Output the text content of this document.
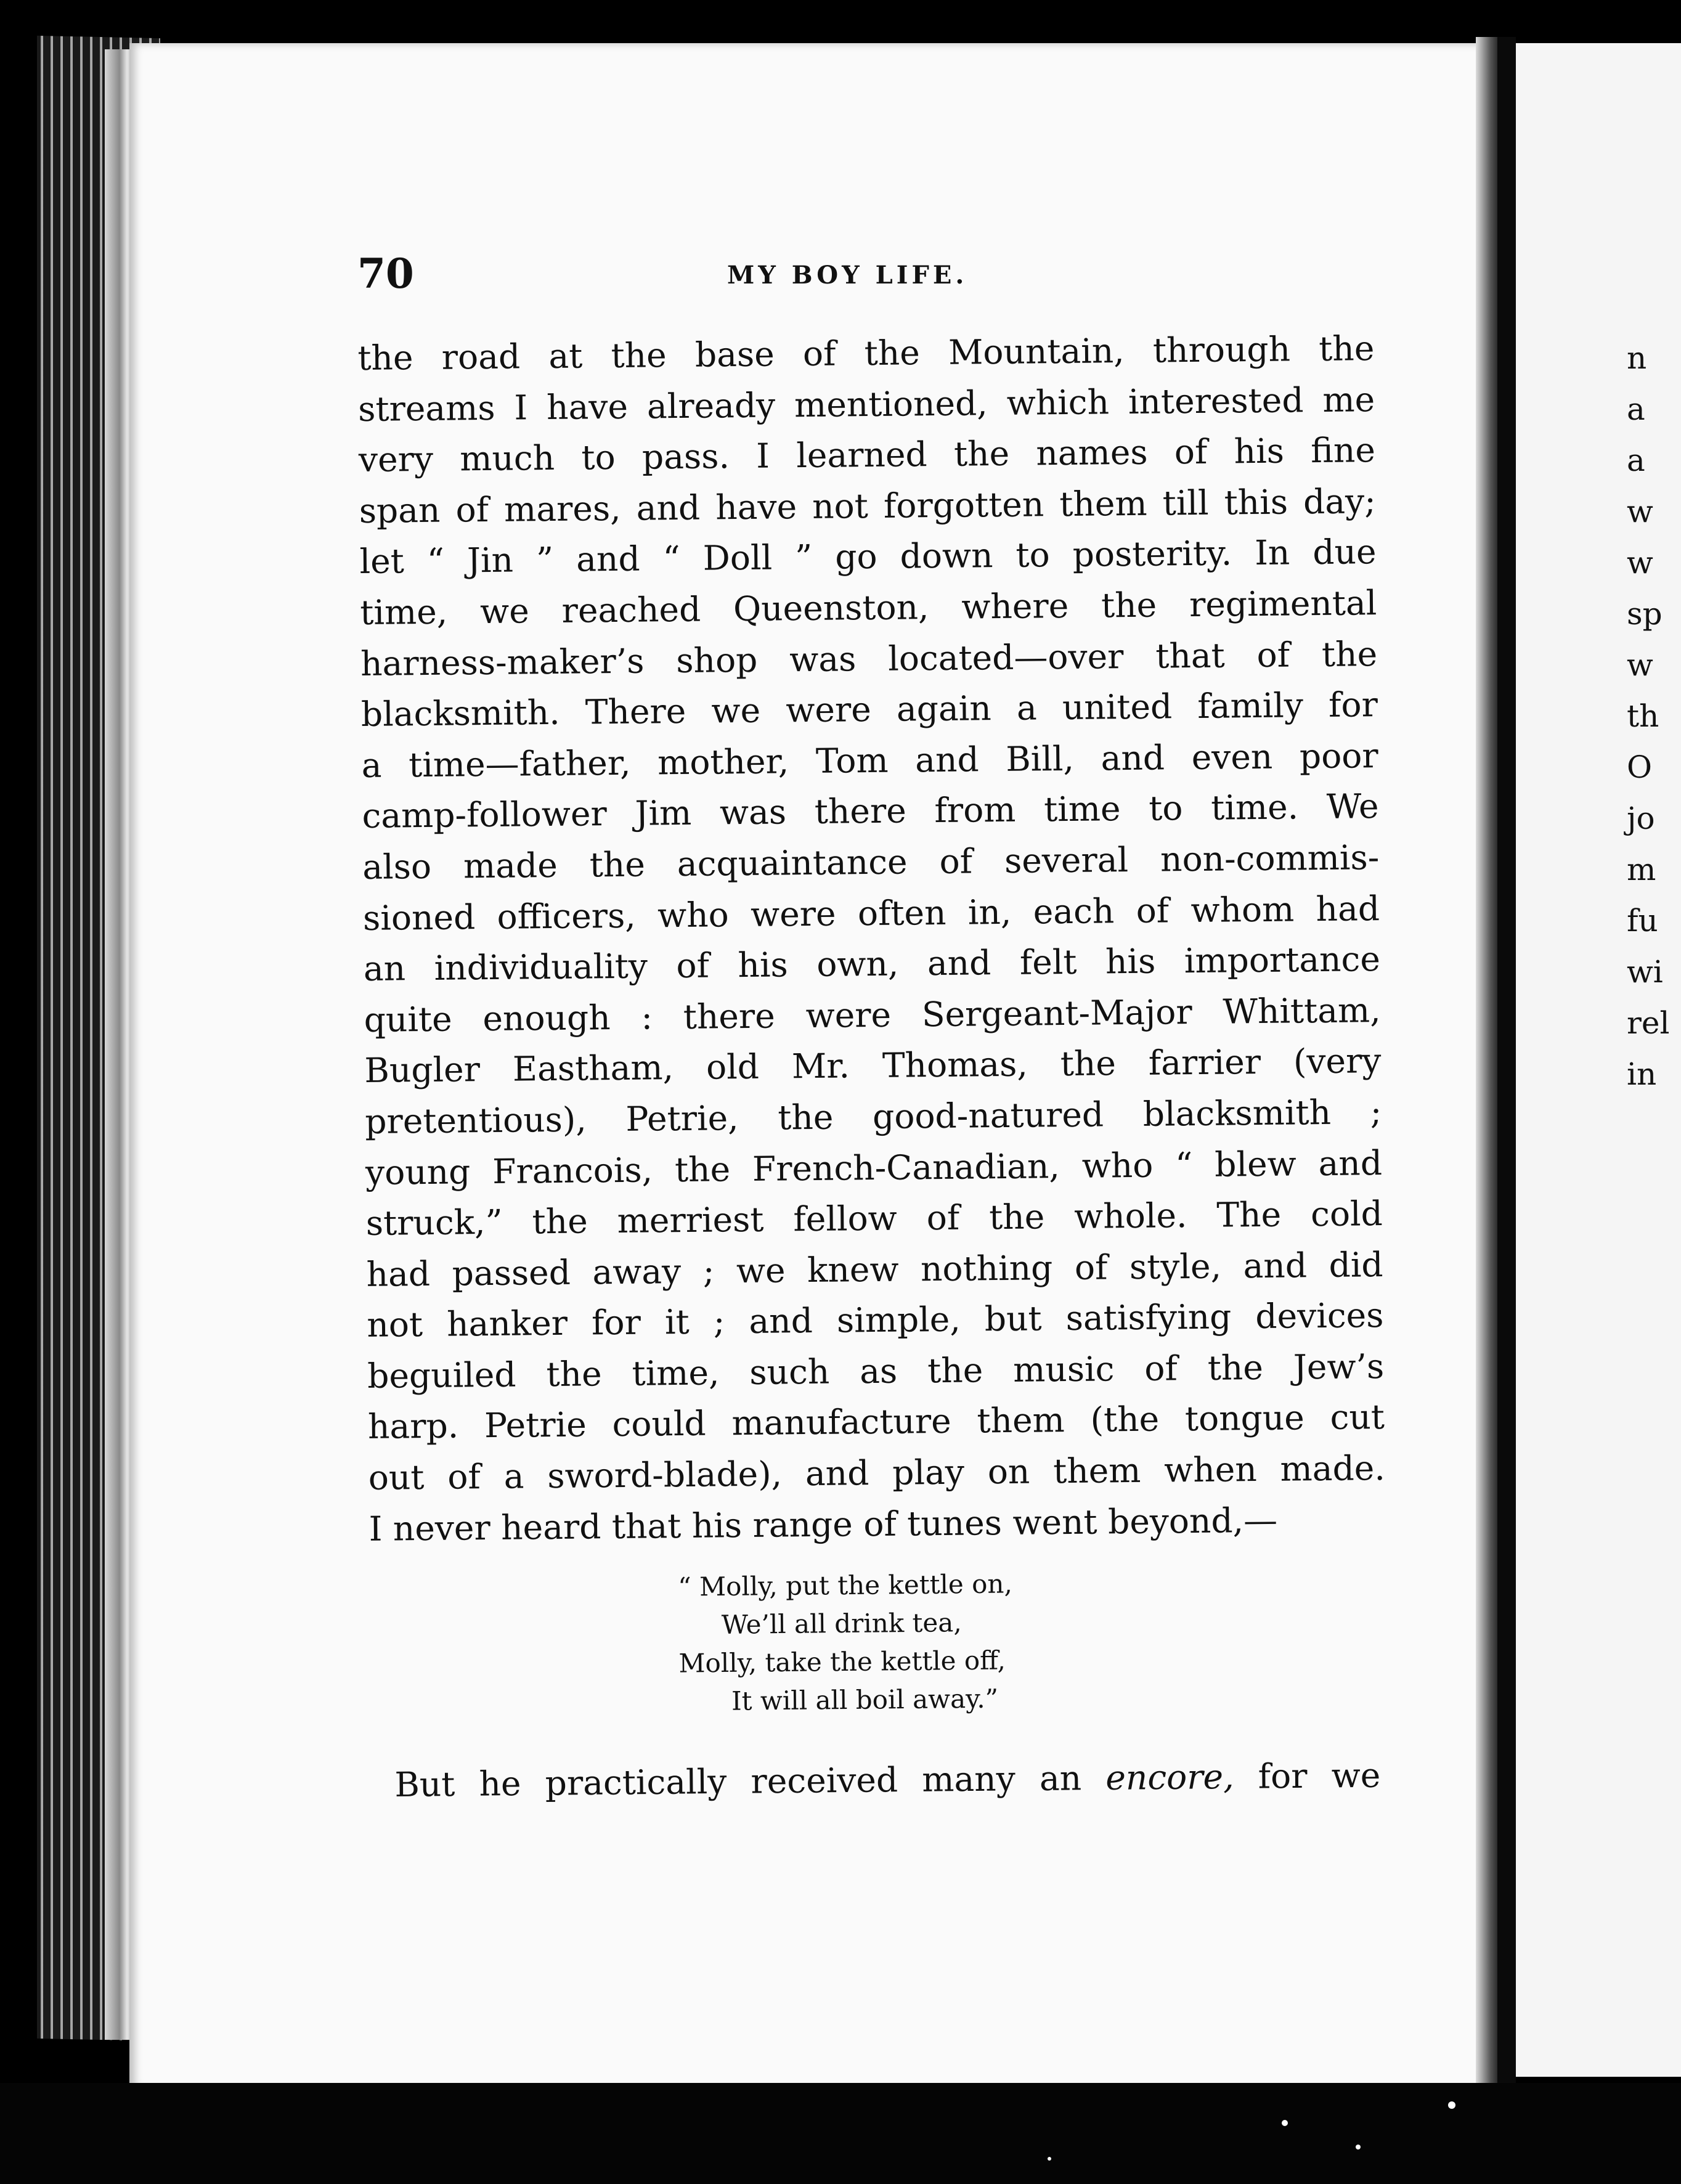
n
a
a
w
w
sp
w
th
O
jo
m
fu
wi
rel
in
70	MY BOY LIFE.
the road at the base of the Mountain, through the
streams I have already mentioned, which interested me
very much to pass. I learned the names of his fine
span of mares, and have not forgotten them till this day;
let “ Jin ” and “ Doll ” go down to posterity. In due
time, we reached Queenston, where the regimental
harness-maker’s shop was located—over that of the
blacksmith. There we were again a united family for
a time—father, mother, Tom and Bill, and even poor
camp-follower Jim was there from time to time. We
also made the acquaintance of several non-commis-
sioned officers, who were often in, each of whom had
an individuality of his own, and felt his importance
quite enough : there were Sergeant-Major Whittam,
Bugler Eastham, old Mr. Thomas, the farrier (very
pretentious), Petrie, the good-natured blacksmith ;
young Francois, the French-Canadian, who “ blew and
struck,” the merriest fellow of the whole. The cold
had passed away ; we knew nothing of style, and did
not hanker for it ; and simple, but satisfying devices
beguiled the time, such as the music of the Jew’s
harp. Petrie could manufacture them (the tongue cut
out of a sword-blade), and play on them when made.
I never heard that his range of tunes went beyond,—
“ Molly, put the kettle on,
We’ll all drink tea,
Molly, take the kettle off,
It will all boil away.”
But he practically received many an encore, for we
